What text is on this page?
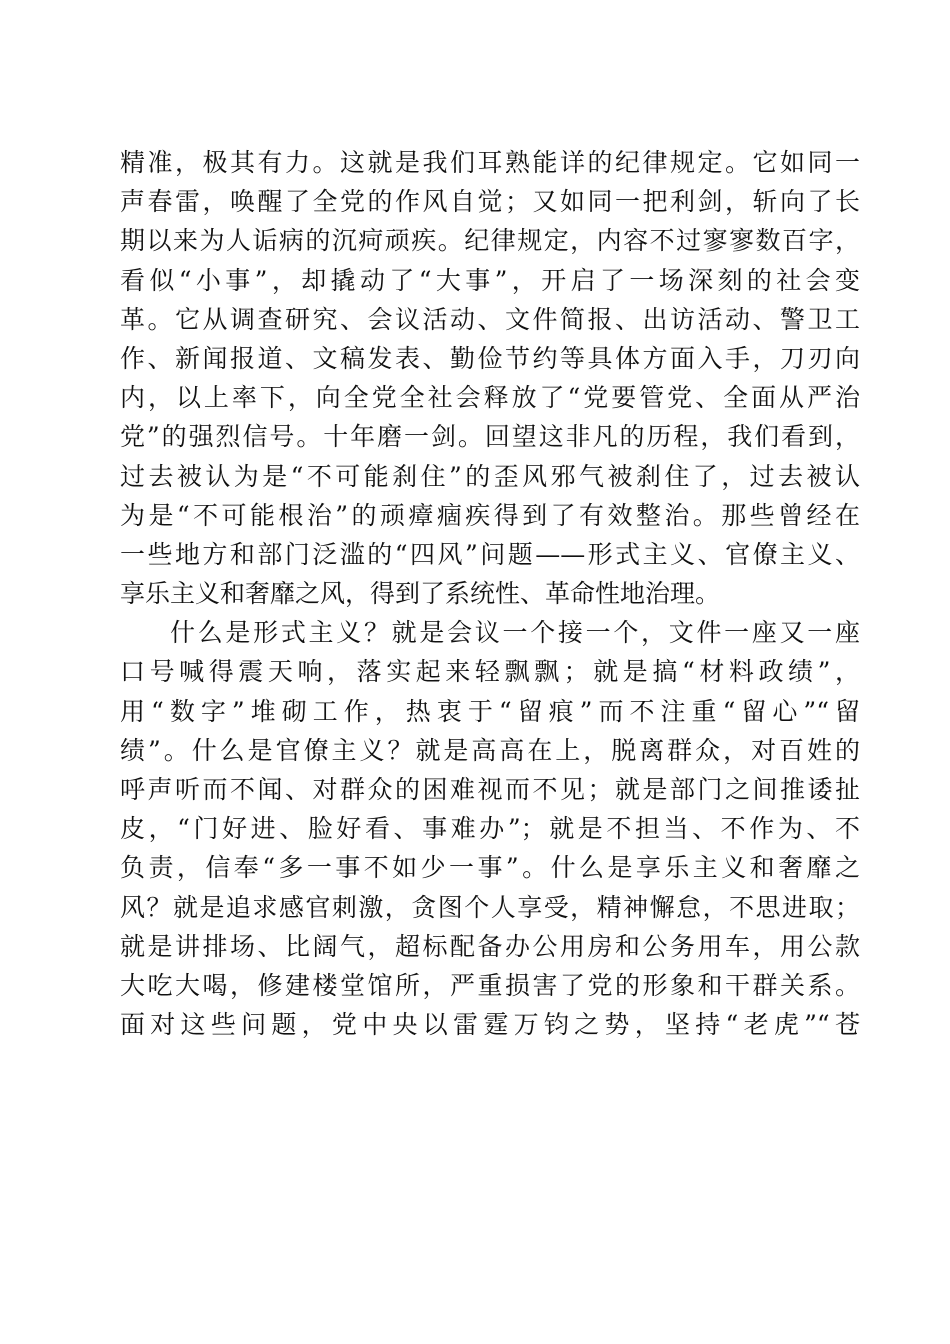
精准，极其有力。这就是我们耳熟能详的纪律规定。它如同一
声春雷，唤醒了全党的作风自觉；又如同一把利剑，斩向了长
期以来为人诟病的沉疴顽疾。纪律规定，内容不过寥寥数百字，
看似“小事”，却撬动了“大事”，开启了一场深刻的社会变
革。它从调查研究、会议活动、文件简报、出访活动、警卫工
作、新闻报道、文稿发表、勤俭节约等具体方面入手，刀刃向
内，以上率下，向全党全社会释放了“党要管党、全面从严治
党”的强烈信号。十年磨一剑。回望这非凡的历程，我们看到，
过去被认为是“不可能刹住”的歪风邪气被刹住了，过去被认
为是“不可能根治”的顽瘴痼疾得到了有效整治。那些曾经在
一些地方和部门泛滥的“四风”问题——形式主义、官僚主义、
享乐主义和奢靡之风，得到了系统性、革命性地治理。
什么是形式主义？就是会议一个接一个，文件一座又一座
口号喊得震天响，落实起来轻飘飘；就是搞“材料政绩”，
用“数字”堆砌工作，热衷于“留痕”而不注重“留心”“留
绩”。什么是官僚主义？就是高高在上，脱离群众，对百姓的
呼声听而不闻、对群众的困难视而不见；就是部门之间推诿扯
皮，“门好进、脸好看、事难办”；就是不担当、不作为、不
负责，信奉“多一事不如少一事”。什么是享乐主义和奢靡之
风？就是追求感官刺激，贪图个人享受，精神懈怠，不思进取；
就是讲排场、比阔气，超标配备办公用房和公务用车，用公款
大吃大喝，修建楼堂馆所，严重损害了党的形象和干群关系。
面对这些问题，党中央以雷霆万钧之势，坚持“老虎”“苍
